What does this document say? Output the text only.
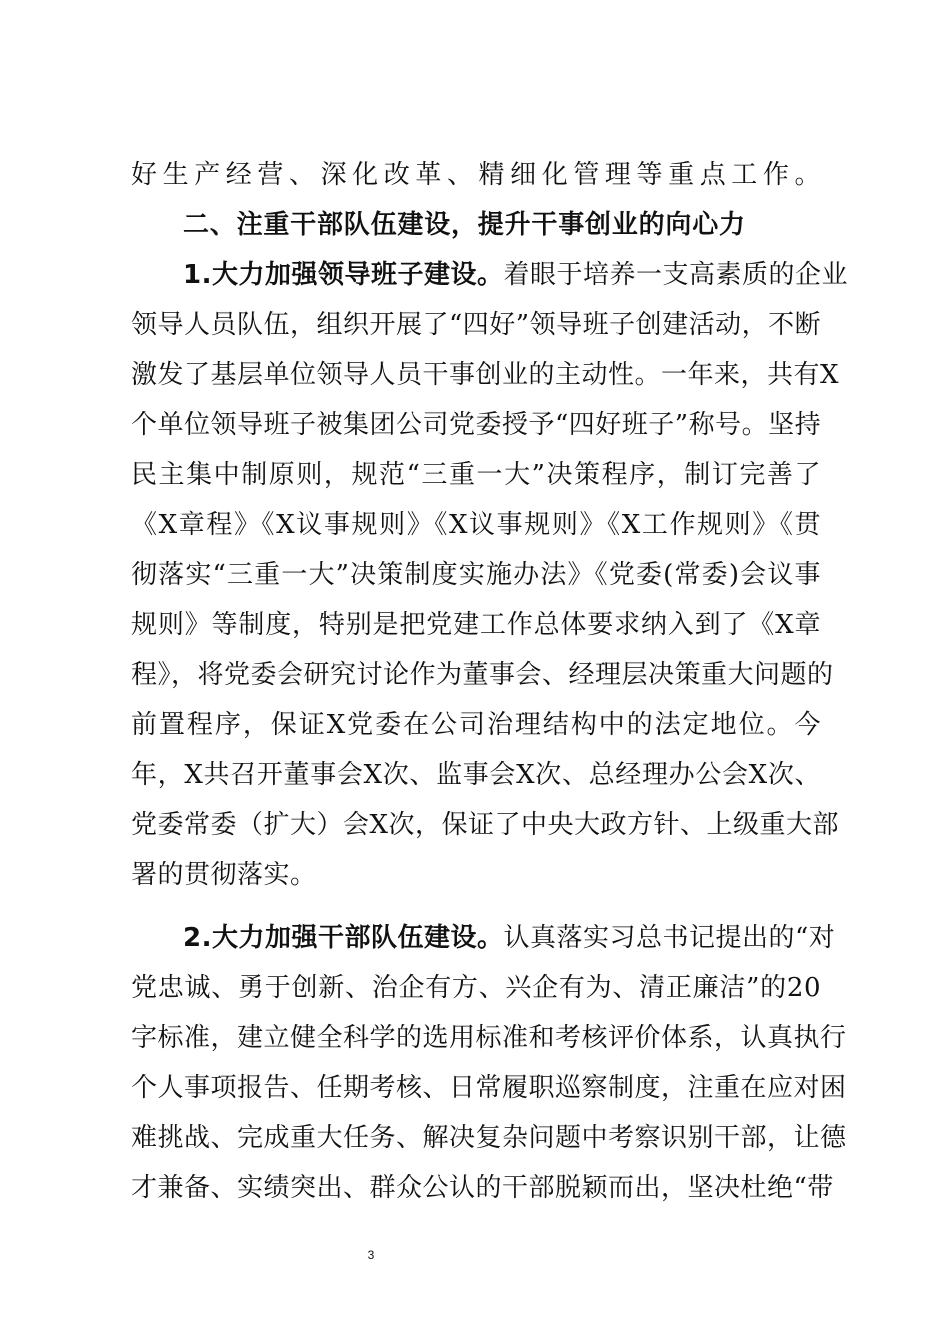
好生产经营、深化改革、精细化管理等重点工作。
二、注重干部队伍建设，提升干事创业的向心力
1.大力加强领导班子建设。着眼于培养一支高素质的企业
领导人员队伍，组织开展了“四好”领导班子创建活动，不断
激发了基层单位领导人员干事创业的主动性。一年来，共有X
个单位领导班子被集团公司党委授予“四好班子”称号。坚持
民主集中制原则，规范“三重一大”决策程序，制订完善了
《X章程》《X议事规则》《X议事规则》《X工作规则》《贯
彻落实“三重一大”决策制度实施办法》《党委(常委)会议事
规则》等制度，特别是把党建工作总体要求纳入到了《X章
程》，将党委会研究讨论作为董事会、经理层决策重大问题的
前置程序，保证X党委在公司治理结构中的法定地位。今
年，X共召开董事会X次、监事会X次、总经理办公会X次、
党委常委（扩大）会X次，保证了中央大政方针、上级重大部
署的贯彻落实。
2.大力加强干部队伍建设。认真落实习总书记提出的“对
党忠诚、勇于创新、治企有方、兴企有为、清正廉洁”的20
字标准，建立健全科学的选用标准和考核评价体系，认真执行
个人事项报告、任期考核、日常履职巡察制度，注重在应对困
难挑战、完成重大任务、解决复杂问题中考察识别干部，让德
才兼备、实绩突出、群众公认的干部脱颖而出，坚决杜绝“带
3
